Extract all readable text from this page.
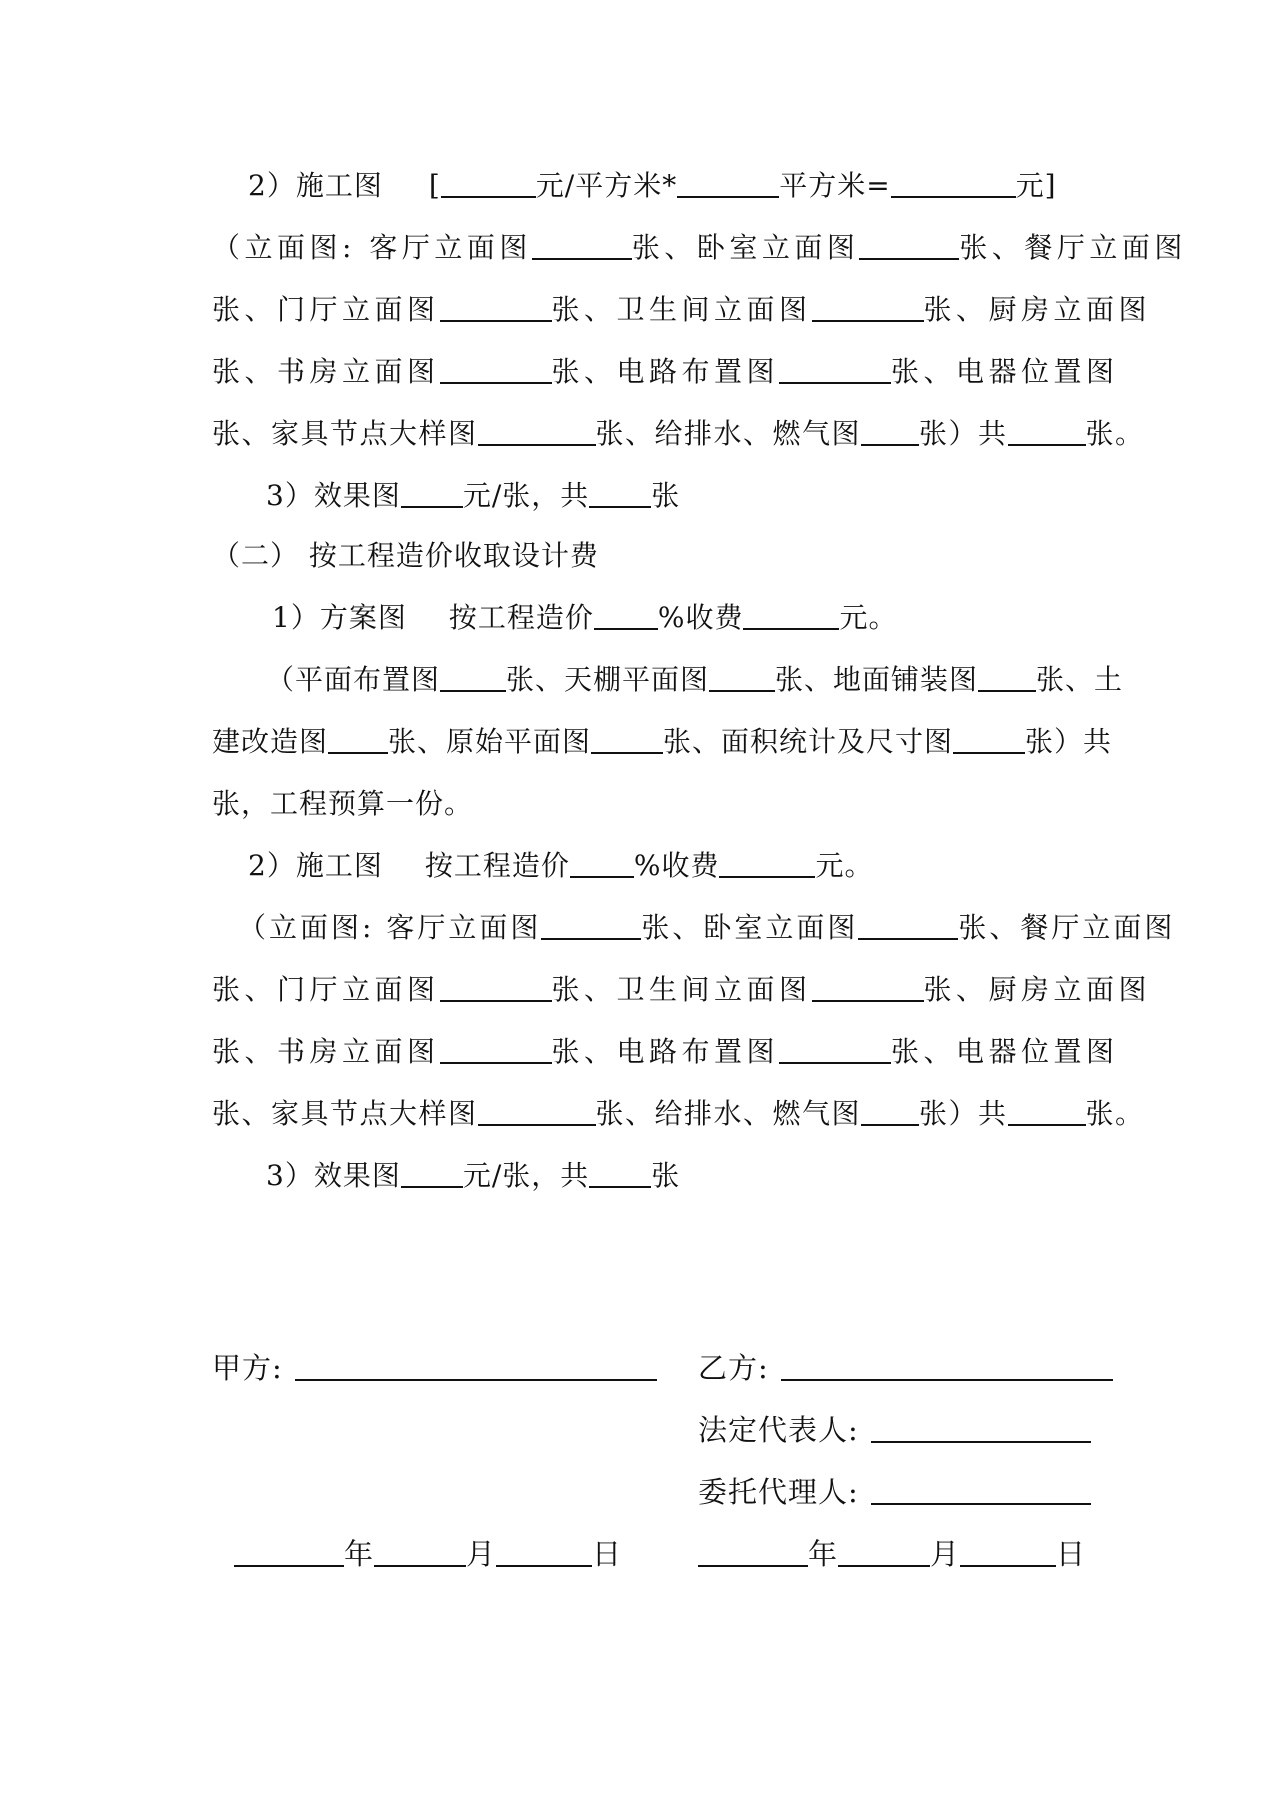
2）施工图 [	元/平方米*	平方米=	元]
（立面图: 客厅立面图	张、卧室立面图	张、餐厅立面图
张、门厅立面图	张、卫生间立面图	张、厨房立面图
张、书房立面图	张、电路布置图	张、电器位置图
张、家具节点大样图	张、给排水、燃气图 张）共	张。
3）效果图 元/张，共 张
（二） 按工程造价收取设计费
1）方案图 按工程造价 %收费	元。
（平面布置图 张、天棚平面图 张、地面铺装图 张、土
建改造图 张、原始平面图	张、面积统计及尺寸图	张）共
张，工程预算一份。
2）施工图 按工程造价 %收费	元。
（立面图: 客厅立面图	张、卧室立面图	张、餐厅立面图
张、门厅立面图	张、卫生间立面图	张、厨房立面图
张、书房立面图	张、电路布置图	张、电器位置图
张、家具节点大样图	张、给排水、燃气图 张）共	张。
3）效果图 元/张，共 张
甲方:	乙方:
法定代表人:
委托代理人:
年	月	日	年	月	日
